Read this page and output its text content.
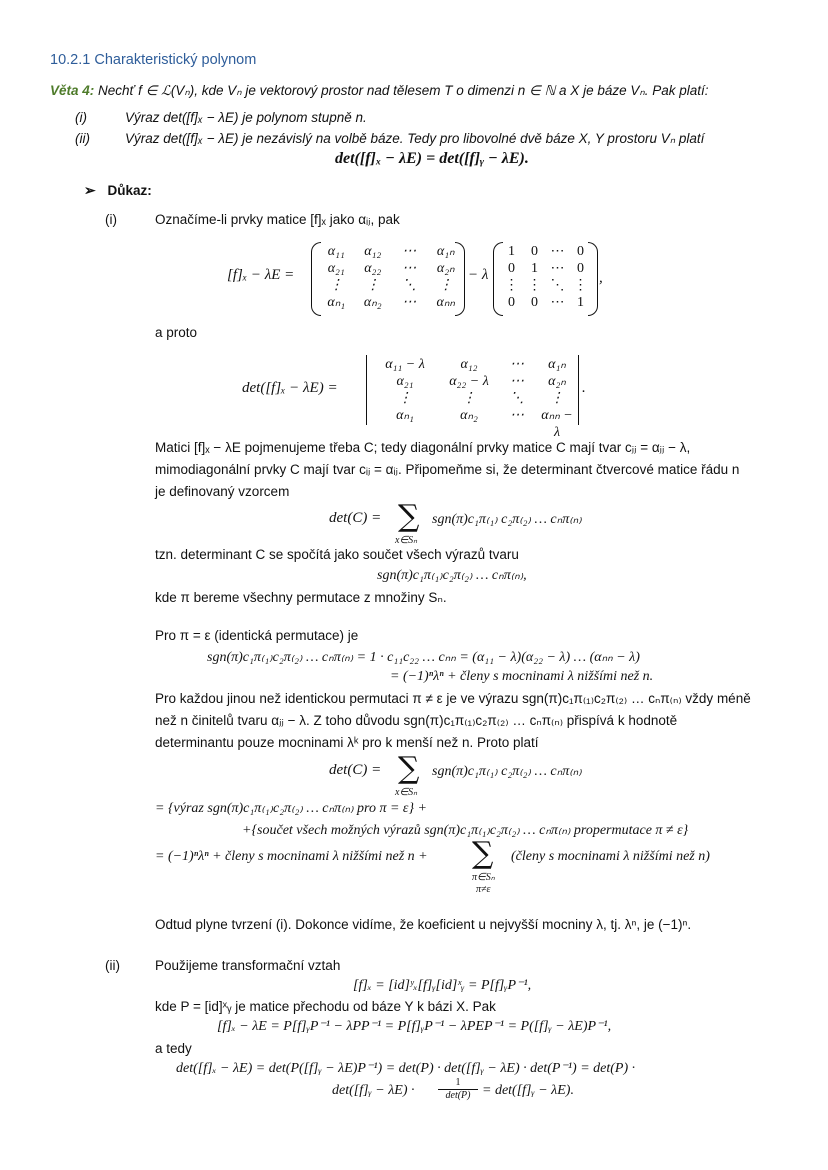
10.2.1 Charakteristický polynom
Věta 4: Nechť f ∈ ℒ(Vₙ), kde Vₙ je vektorový prostor nad tělesem T o dimenzi n ∈ ℕ a X je báze Vₙ. Pak platí:
(i)	Výraz det([f]ₓ − λE) je polynom stupně n.
(ii)	Výraz det([f]ₓ − λE) je nezávislý na volbě báze. Tedy pro libovolné dvě báze X, Y prostoru Vₙ platí
det([f]ₓ − λE) = det([f]ᵧ − λE).
➢ Důkaz:
(i)	Označíme-li prvky matice [f]ₓ jako αᵢⱼ, pak
[f]ₓ − λE =
α₁₁	α₁₂	⋯	α₁ₙ
α₂₁	α₂₂	⋯	α₂ₙ
⋮	⋮	⋱	⋮
αₙ₁	αₙ₂	⋯	αₙₙ
− λ
1	0 ⋯ 0
0	1 ⋯ 0
⋮ ⋮ ⋱ ⋮
0	0 ⋯ 1
,
a proto
det([f]ₓ − λE) =
α₁₁ − λ	α₁₂	⋯	α₁ₙ
α₂₁	α₂₂ − λ	⋯	α₂ₙ
⋮	⋮	⋱	⋮
αₙ₁	αₙ₂	⋯	αₙₙ − λ
.
Matici [f]ₓ − λE pojmenujeme třeba C; tedy diagonální prvky matice C mají tvar cⱼⱼ = αⱼⱼ − λ,
mimodiagonální prvky C mají tvar cᵢⱼ = αᵢⱼ. Připomeňme si, že determinant čtvercové matice řádu n
je definovaný vzorcem
det(C) = ∑
x∈Sₙ
sgn(π)c₁π₍₁₎ c₂π₍₂₎ … cₙπ₍ₙ₎
tzn. determinant C se spočítá jako součet všech výrazů tvaru
sgn(π)c₁π₍₁₎c₂π₍₂₎ … cₙπ₍ₙ₎,
kde π bereme všechny permutace z množiny Sₙ.
Pro π = ε (identická permutace) je
sgn(π)c₁π₍₁₎c₂π₍₂₎ … cₙπ₍ₙ₎ = 1 · c₁₁c₂₂ … cₙₙ = (α₁₁ − λ)(α₂₂ − λ) … (αₙₙ − λ)
= (−1)ⁿλⁿ + členy s mocninami λ nižšími než n.
Pro každou jinou než identickou permutaci π ≠ ε je ve výrazu sgn(π)c₁π₍₁₎c₂π₍₂₎ … cₙπ₍ₙ₎ vždy méně
než n činitelů tvaru αⱼⱼ − λ. Z toho důvodu sgn(π)c₁π₍₁₎c₂π₍₂₎ … cₙπ₍ₙ₎ přispívá k hodnotě
determinantu pouze mocninami λᵏ pro k menší než n. Proto platí
det(C) = ∑
x∈Sₙ
sgn(π)c₁π₍₁₎ c₂π₍₂₎ … cₙπ₍ₙ₎
= {výraz sgn(π)c₁π₍₁₎c₂π₍₂₎ … cₙπ₍ₙ₎ pro π = ε} +
+{součet všech možných výrazů sgn(π)c₁π₍₁₎c₂π₍₂₎ … cₙπ₍ₙ₎ propermutace π ≠ ε}
= (−1)ⁿλⁿ + členy s mocninami λ nižšími než n + ∑
π∈Sₙ
π≠ε
(členy s mocninami λ nižšími než n)
Odtud plyne tvrzení (i). Dokonce vidíme, že koeficient u nejvyšší mocniny λ, tj. λⁿ, je (−1)ⁿ.
(ii)	Použijeme transformační vztah
[f]ₓ = [id]ʸₓ[f]ᵧ[id]ˣᵧ = P[f]ᵧP⁻¹,
kde P = [id]ˣᵧ je matice přechodu od báze Y k bázi X. Pak
[f]ₓ − λE = P[f]ᵧP⁻¹ − λPP⁻¹ = P[f]ᵧP⁻¹ − λPEP⁻¹ = P([f]ᵧ − λE)P⁻¹,
a tedy
det([f]ₓ − λE) = det(P([f]ᵧ − λE)P⁻¹) = det(P) · det([f]ᵧ − λE) · det(P⁻¹) = det(P) ·
det([f]ᵧ − λE) ·
1
det(P) = det([f]ᵧ − λE).
